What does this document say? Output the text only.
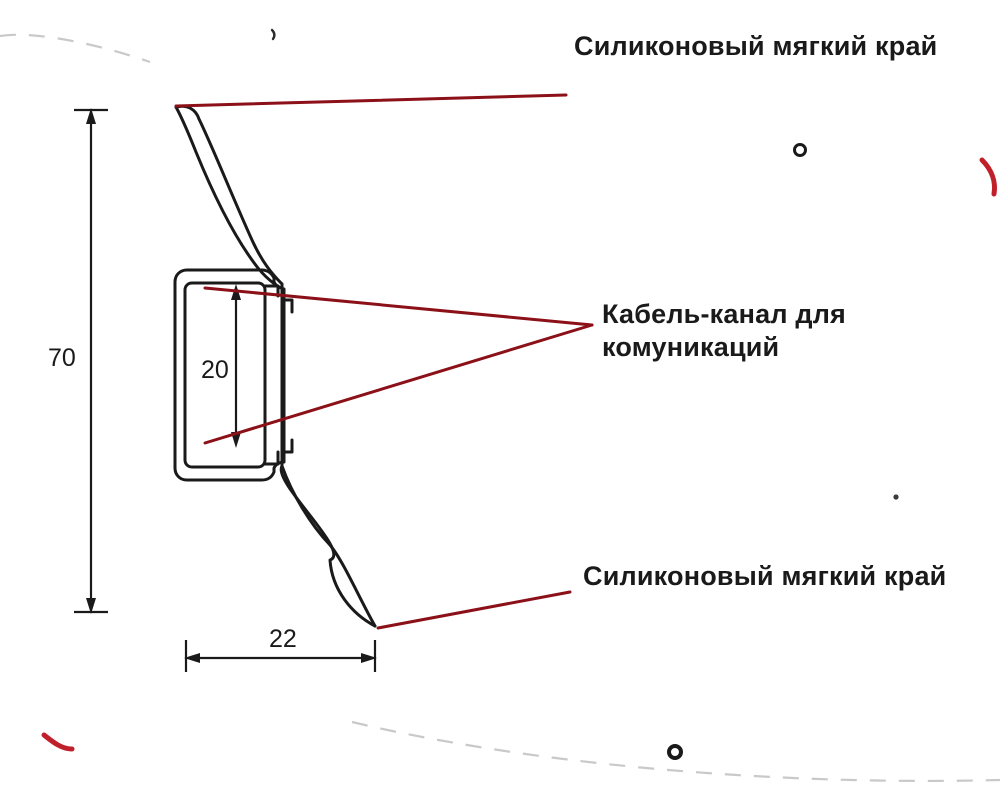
Силиконовый мягкий край
Кабель-канал для комуникаций
Силиконовый мягкий край
70	20
22
